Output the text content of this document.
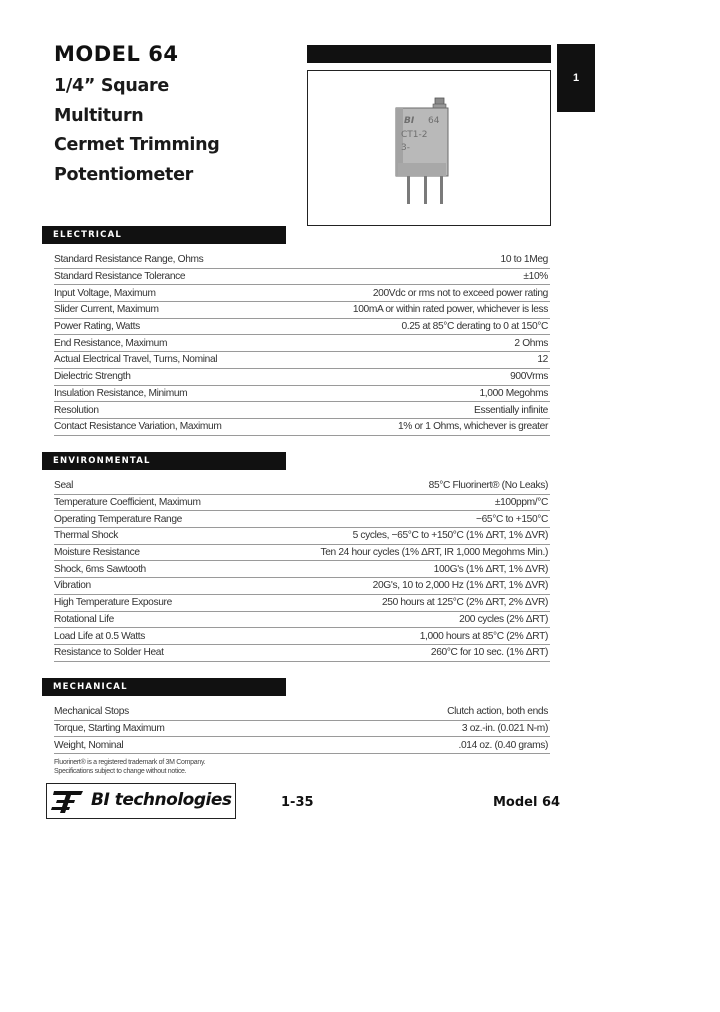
MODEL 64
1/4” Square
Multiturn
Cermet Trimming
Potentiometer
BI 64
CT1-2
3-
1
ELECTRICAL
Standard Resistance Range, Ohms	10 to 1Meg
Standard Resistance Tolerance	±10%
Input Voltage, Maximum	200Vdc or rms not to exceed power rating
Slider Current, Maximum	100mA or within rated power, whichever is less
Power Rating, Watts	0.25 at 85°C derating to 0 at 150°C
End Resistance, Maximum	2 Ohms
Actual Electrical Travel, Turns, Nominal	12
Dielectric Strength	900Vrms
Insulation Resistance, Minimum	1,000 Megohms
Resolution	Essentially infinite
Contact Resistance Variation, Maximum	1% or 1 Ohms, whichever is greater
ENVIRONMENTAL
Seal	85°C Fluorinert® (No Leaks)
Temperature Coefficient, Maximum	±100ppm/°C
Operating Temperature Range	−65°C to +150°C
Thermal Shock	5 cycles, −65°C to +150°C (1% ΔRT, 1% ΔVR)
Moisture Resistance	Ten 24 hour cycles (1% ΔRT, IR 1,000 Megohms Min.)
Shock, 6ms Sawtooth	100G's (1% ΔRT, 1% ΔVR)
Vibration	20G's, 10 to 2,000 Hz (1% ΔRT, 1% ΔVR)
High Temperature Exposure	250 hours at 125°C (2% ΔRT, 2% ΔVR)
Rotational Life	200 cycles (2% ΔRT)
Load Life at 0.5 Watts	1,000 hours at 85°C (2% ΔRT)
Resistance to Solder Heat	260°C for 10 sec. (1% ΔRT)
MECHANICAL
Mechanical Stops	Clutch action, both ends
Torque, Starting Maximum	3 oz.-in. (0.021 N-m)
Weight, Nominal	.014 oz. (0.40 grams)
Fluorinert® is a registered trademark of 3M Company.
Specifications subject to change without notice.
BI technologies	1-35	Model 64
